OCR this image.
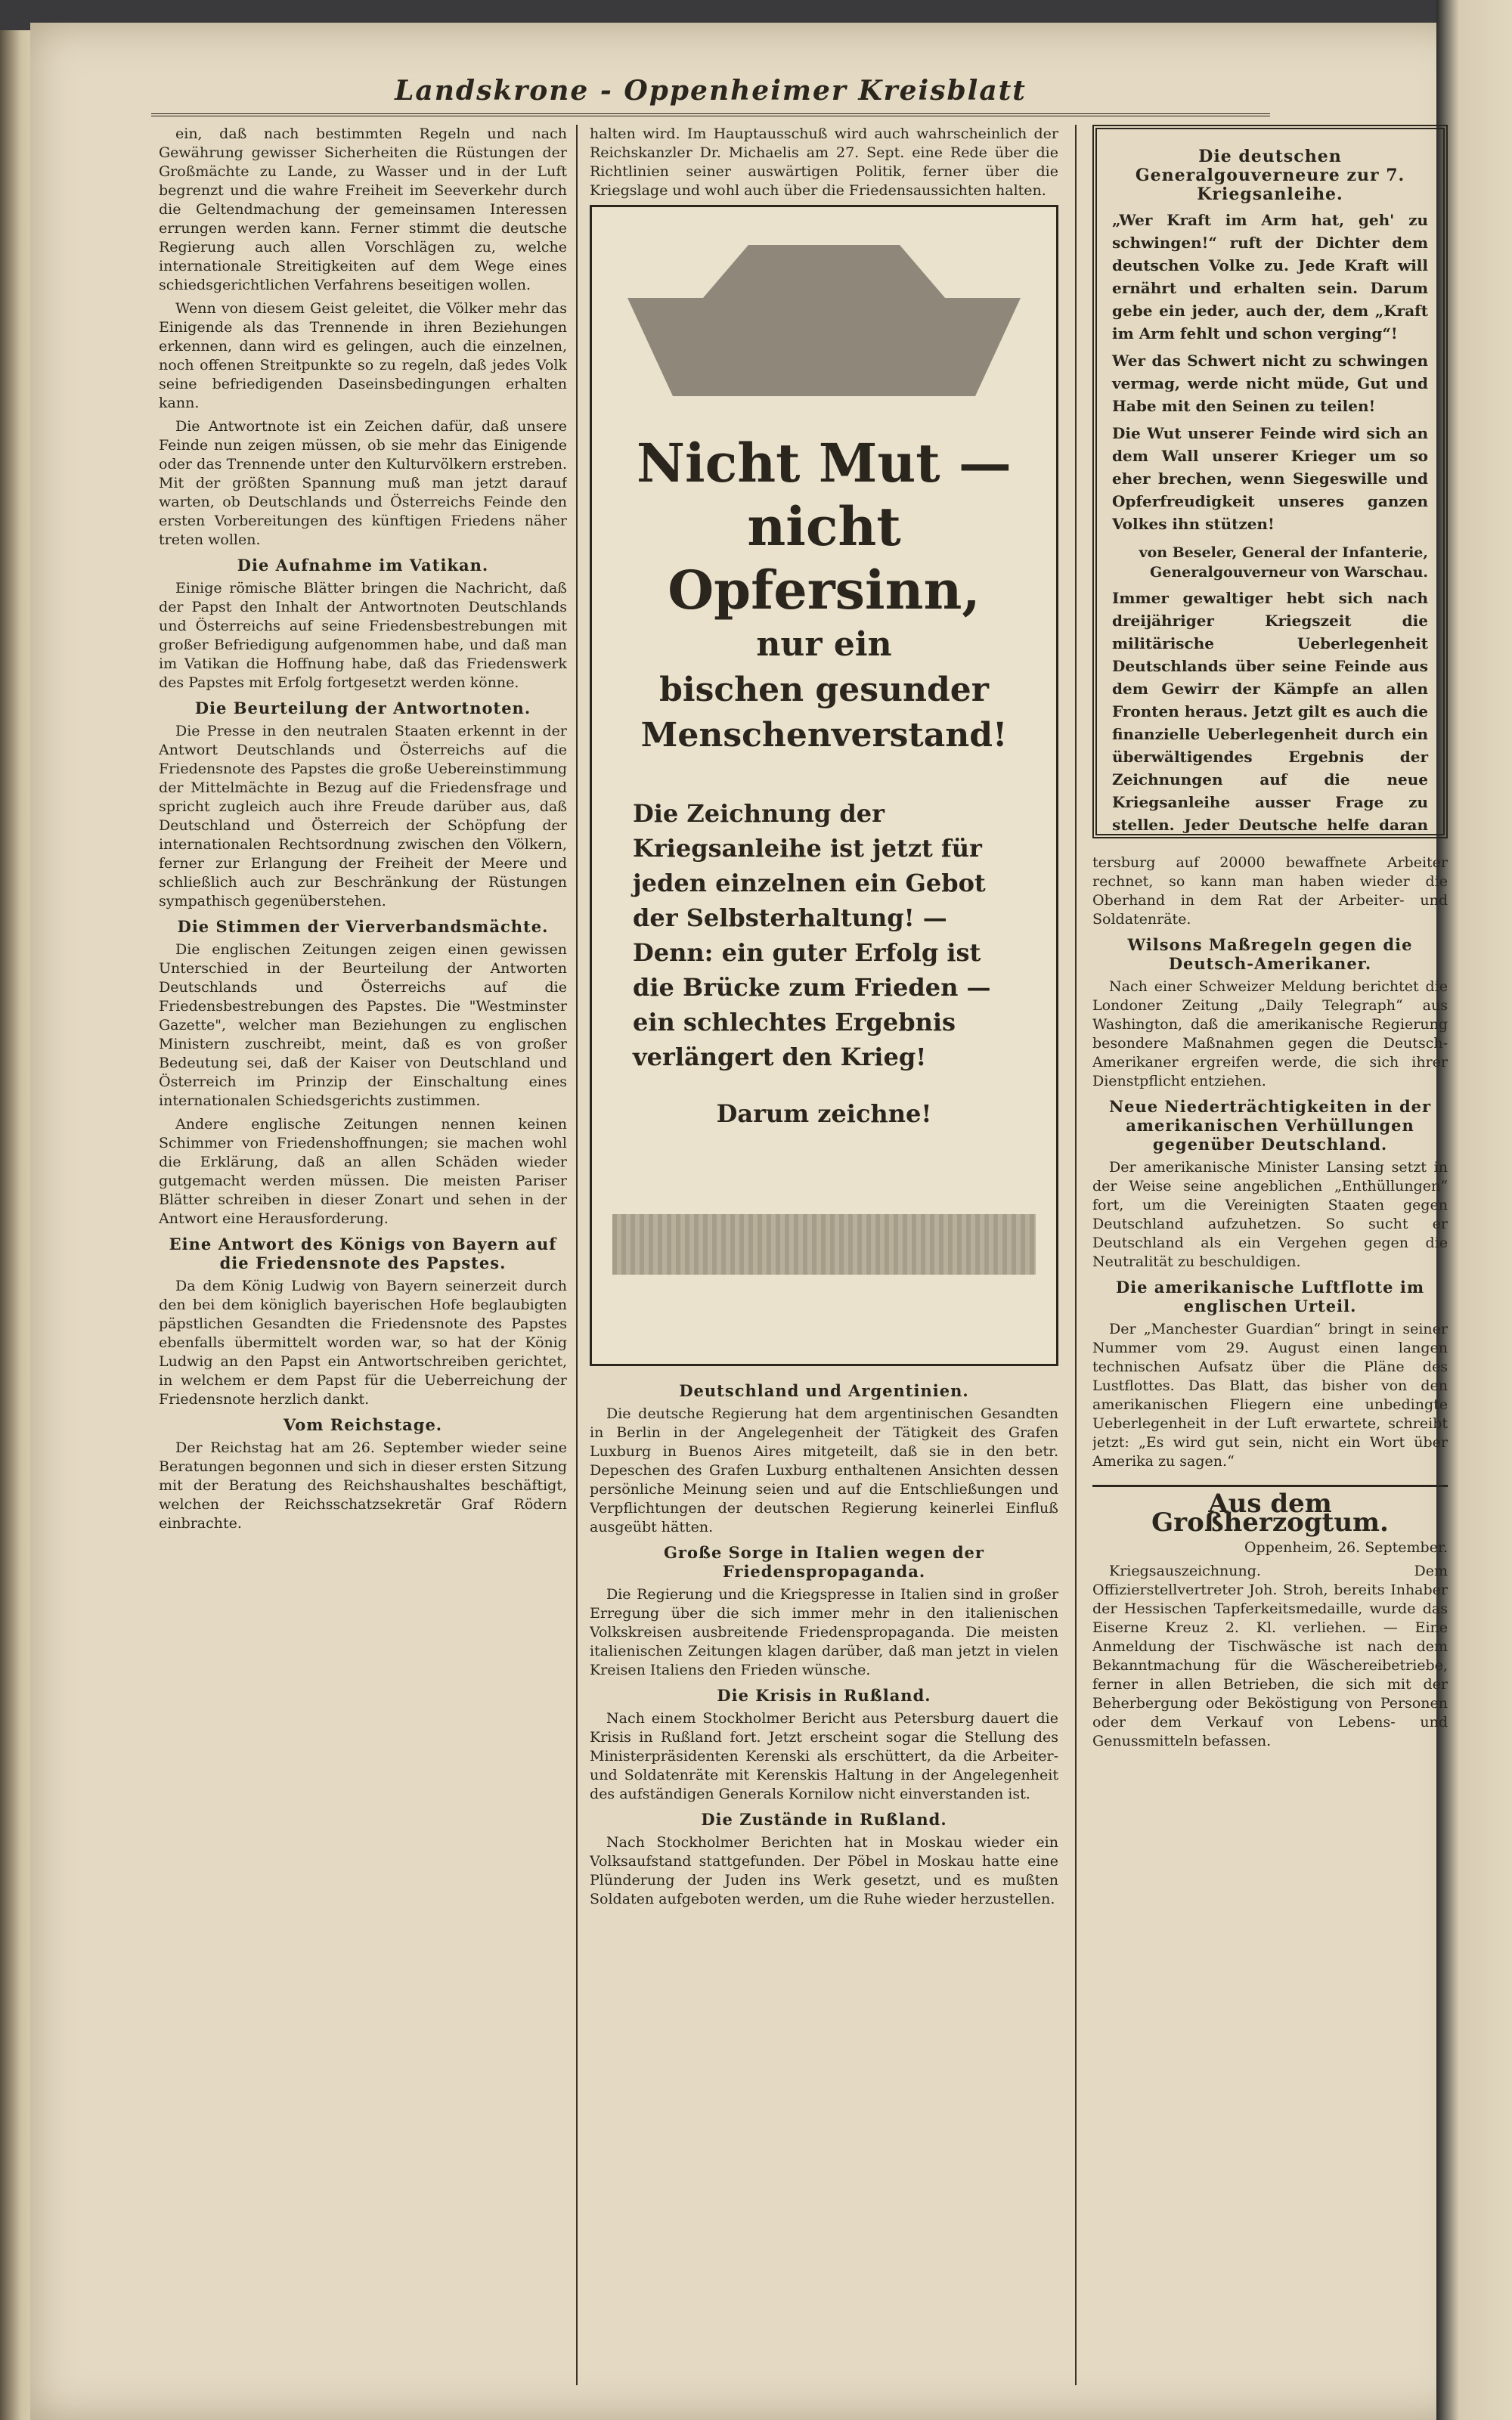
Landskrone - Oppenheimer Kreisblatt

ein, daß nach bestimmten Regeln und nach Gewährung gewisser Sicherheiten die Rüstungen der Großmächte zu Lande, zu Wasser und in der Luft begrenzt und die wahre Freiheit im Seeverkehr durch die Geltendmachung der gemeinsamen Interessen errungen werden kann. Ferner stimmt die deutsche Regierung auch allen Vorschlägen zu, welche internationale Streitigkeiten auf dem Wege eines schiedsgerichtlichen Verfahrens beseitigen wollen.

Wenn von diesem Geist geleitet, die Völker mehr das Einigende als das Trennende in ihren Beziehungen erkennen, dann wird es gelingen, auch die einzelnen, noch offenen Streitpunkte so zu regeln, daß jedes Volk seine befriedigenden Daseinsbedingungen erhalten kann.

Die Antwortnote ist ein Zeichen dafür, daß unsere Feinde nun zeigen müssen, ob sie mehr das Einigende oder das Trennende unter den Kulturvölkern erstreben. Mit der größten Spannung muß man jetzt darauf warten, ob Deutschlands und Österreichs Feinde den ersten Vorbereitungen des künftigen Friedens näher treten wollen.

Die Aufnahme im Vatikan.

Einige römische Blätter bringen die Nachricht, daß der Papst den Inhalt der Antwortnoten Deutschlands und Österreichs auf seine Friedensbestrebungen mit großer Befriedigung aufgenommen habe, und daß man im Vatikan die Hoffnung habe, daß das Friedenswerk des Papstes mit Erfolg fortgesetzt werden könne.

Die Beurteilung der Antwortnoten.

Die Presse in den neutralen Staaten erkennt in der Antwort Deutschlands und Österreichs auf die Friedensnote des Papstes die große Uebereinstimmung der Mittelmächte in Bezug auf die Friedensfrage und spricht zugleich auch ihre Freude darüber aus, daß Deutschland und Österreich der Schöpfung der internationalen Rechtsordnung zwischen den Völkern, ferner zur Erlangung der Freiheit der Meere und schließlich auch zur Beschränkung der Rüstungen sympathisch gegenüberstehen.

Die Stimmen der Vierverbandsmächte.

Die englischen Zeitungen zeigen einen gewissen Unterschied in der Beurteilung der Antworten Deutschlands und Österreichs auf die Friedensbestrebungen des Papstes. Die "Westminster Gazette", welcher man Beziehungen zu englischen Ministern zuschreibt, meint, daß es von großer Bedeutung sei, daß der Kaiser von Deutschland und Österreich im Prinzip der Einschaltung eines internationalen Schiedsgerichts zustimmen.

Andere englische Zeitungen nennen keinen Schimmer von Friedenshoffnungen; sie machen wohl die Erklärung, daß an allen Schäden wieder gutgemacht werden müssen. Die meisten Pariser Blätter schreiben in dieser Zonart und sehen in der Antwort eine Herausforderung.

Eine Antwort des Königs von Bayern auf die Friedensnote des Papstes.

Da dem König Ludwig von Bayern seinerzeit durch den bei dem königlich bayerischen Hofe beglaubigten päpstlichen Gesandten die Friedensnote des Papstes ebenfalls übermittelt worden war, so hat der König Ludwig an den Papst ein Antwortschreiben gerichtet, in welchem er dem Papst für die Ueberreichung der Friedensnote herzlich dankt.

Vom Reichstage.

Der Reichstag hat am 26. September wieder seine Beratungen begonnen und sich in dieser ersten Sitzung mit der Beratung des Reichshaushaltes beschäftigt, welchen der Reichsschatzsekretär Graf Rödern einbrachte.

halten wird. Im Hauptausschuß wird auch wahrscheinlich der Reichskanzler Dr. Michaelis am 27. Sept. eine Rede über die Richtlinien seiner auswärtigen Politik, ferner über die Kriegslage und wohl auch über die Friedensaussichten halten.

Nicht Mut —

nicht Opfersinn,

nur ein

bischen gesunder

Menschenverstand!

Die Zeichnung der Kriegsanleihe ist jetzt für jeden einzelnen ein Gebot der Selbsterhaltung! — Denn: ein guter Erfolg ist die Brücke zum Frieden — ein schlechtes Ergebnis verlängert den Krieg!

Darum zeichne!

Deutschland und Argentinien.

Die deutsche Regierung hat dem argentinischen Gesandten in Berlin in der Angelegenheit der Tätigkeit des Grafen Luxburg in Buenos Aires mitgeteilt, daß sie in den betr. Depeschen des Grafen Luxburg enthaltenen Ansichten dessen persönliche Meinung seien und auf die Entschließungen und Verpflichtungen der deutschen Regierung keinerlei Einfluß ausgeübt hätten.

Große Sorge in Italien wegen der Friedenspropaganda.

Die Regierung und die Kriegspresse in Italien sind in großer Erregung über die sich immer mehr in den italienischen Volkskreisen ausbreitende Friedenspropaganda. Die meisten italienischen Zeitungen klagen darüber, daß man jetzt in vielen Kreisen Italiens den Frieden wünsche.

Die Krisis in Rußland.

Nach einem Stockholmer Bericht aus Petersburg dauert die Krisis in Rußland fort. Jetzt erscheint sogar die Stellung des Ministerpräsidenten Kerenski als erschüttert, da die Arbeiter- und Soldatenräte mit Kerenskis Haltung in der Angelegenheit des aufständigen Generals Kornilow nicht einverstanden ist.

Die Zustände in Rußland.

Nach Stockholmer Berichten hat in Moskau wieder ein Volksaufstand stattgefunden. Der Pöbel in Moskau hatte eine Plünderung der Juden ins Werk gesetzt, und es mußten Soldaten aufgeboten werden, um die Ruhe wieder herzustellen.

Die deutschen Generalgouverneure zur 7. Kriegsanleihe.

„Wer Kraft im Arm hat, geh' zu schwingen!“ ruft der Dichter dem deutschen Volke zu. Jede Kraft will ernährt und erhalten sein. Darum gebe ein jeder, auch der, dem „Kraft im Arm fehlt und schon verging“!

Wer das Schwert nicht zu schwingen vermag, werde nicht müde, Gut und Habe mit den Seinen zu teilen!

Die Wut unserer Feinde wird sich an dem Wall unserer Krieger um so eher brechen, wenn Siegeswille und Opferfreudigkeit unseres ganzen Volkes ihn stützen!

von Beseler, General der Infanterie, Generalgouverneur von Warschau.

Immer gewaltiger hebt sich nach dreijähriger Kriegszeit die militärische Ueberlegenheit Deutschlands über seine Feinde aus dem Gewirr der Kämpfe an allen Fronten heraus. Jetzt gilt es auch die finanzielle Ueberlegenheit durch ein überwältigendes Ergebnis der Zeichnungen auf die neue Kriegsanleihe ausser Frage zu stellen. Jeder Deutsche helfe daran

tersburg auf 20000 bewaffnete Arbeiter rechnet, so kann man haben wieder die Oberhand in dem Rat der Arbeiter- und Soldatenräte.

Wilsons Maßregeln gegen die Deutsch-Amerikaner.

Nach einer Schweizer Meldung berichtet die Londoner Zeitung „Daily Telegraph“ aus Washington, daß die amerikanische Regierung besondere Maßnahmen gegen die Deutsch-Amerikaner ergreifen werde, die sich ihrer Dienstpflicht entziehen.

Neue Niederträchtigkeiten in der amerikanischen Verhüllungen gegenüber Deutschland.

Der amerikanische Minister Lansing setzt in der Weise seine angeblichen „Enthüllungen“ fort, um die Vereinigten Staaten gegen Deutschland aufzuhetzen. So sucht er Deutschland als ein Vergehen gegen die Neutralität zu beschuldigen.

Die amerikanische Luftflotte im englischen Urteil.

Der „Manchester Guardian“ bringt in seiner Nummer vom 29. August einen langen technischen Aufsatz über die Pläne des Lustflottes. Das Blatt, das bisher von den amerikanischen Fliegern eine unbedingte Ueberlegenheit in der Luft erwartete, schreibt jetzt: „Es wird gut sein, nicht ein Wort über Amerika zu sagen.“

Aus dem Großherzogtum.

Oppenheim, 26. September.

Kriegsauszeichnung. Dem Offizierstellvertreter Joh. Stroh, bereits Inhaber der Hessischen Tapferkeitsmedaille, wurde das Eiserne Kreuz 2. Kl. verliehen. — Eine Anmeldung der Tischwäsche ist nach dem Bekanntmachung für die Wäschereibetriebe, ferner in allen Betrieben, die sich mit der Beherbergung oder Beköstigung von Personen oder dem Verkauf von Lebens- und Genussmitteln befassen.
